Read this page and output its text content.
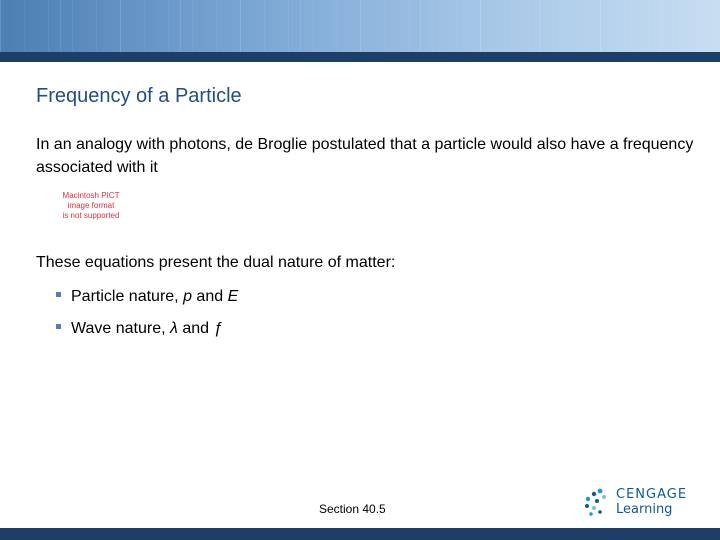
Frequency of a Particle
In an analogy with photons, de Broglie postulated that a particle would also have a frequency associated with it
Macintosh PICT
image format
is not supported
These equations present the dual nature of matter:
Particle nature, p and E
Wave nature, λ and ƒ
Section 40.5
CENGAGE
Learning
